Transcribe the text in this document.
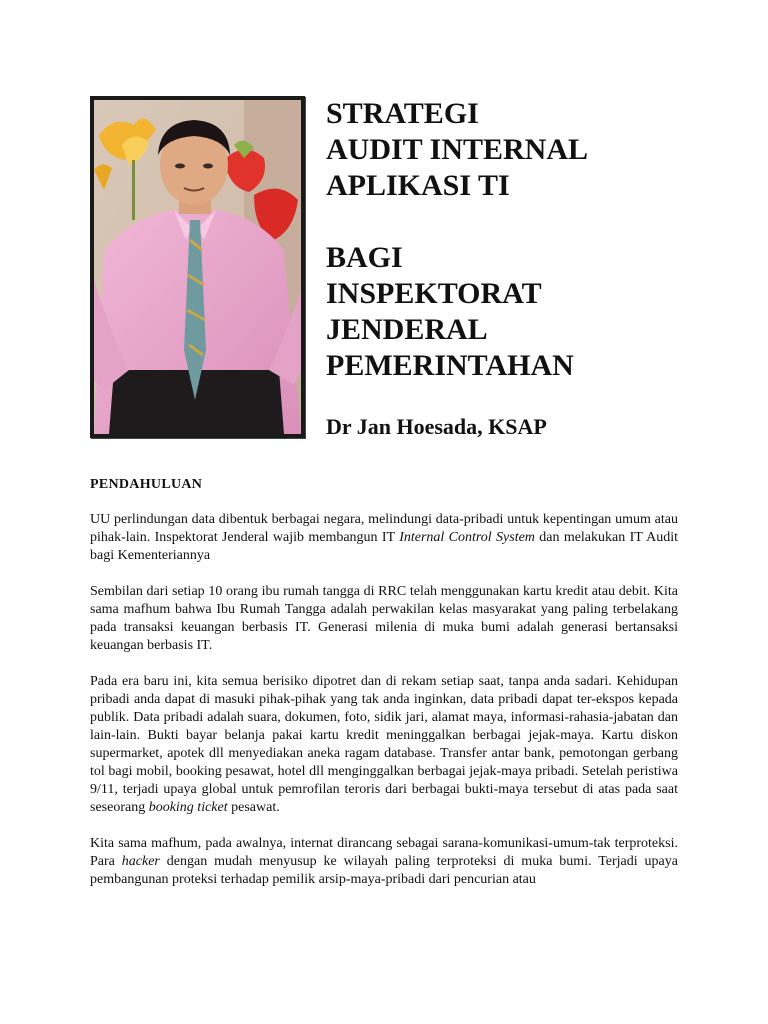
STRATEGI
AUDIT INTERNAL
APLIKASI TI
BAGI
INSPEKTORAT
JENDERAL
PEMERINTAHAN
Dr Jan Hoesada, KSAP
PENDAHULUAN

UU perlindungan data dibentuk berbagai negara, melindungi data-pribadi untuk kepentingan umum atau pihak-lain. Inspektorat Jenderal wajib membangun IT Internal Control System dan melakukan IT Audit bagi Kementeriannya

Sembilan dari setiap 10 orang ibu rumah tangga di RRC telah menggunakan kartu kredit atau debit. Kita sama mafhum bahwa Ibu Rumah Tangga adalah perwakilan kelas masyarakat yang paling terbelakang pada transaksi keuangan berbasis IT. Generasi milenia di muka bumi adalah generasi bertansaksi keuangan berbasis IT.

Pada era baru ini, kita semua berisiko dipotret dan di rekam setiap saat, tanpa anda sadari. Kehidupan pribadi anda dapat di masuki pihak-pihak yang tak anda inginkan, data pribadi dapat ter-ekspos kepada publik. Data pribadi adalah suara, dokumen, foto, sidik jari, alamat maya, informasi-rahasia-jabatan dan lain-lain. Bukti bayar belanja pakai kartu kredit meninggalkan berbagai jejak-maya. Kartu diskon supermarket, apotek dll menyediakan aneka ragam database. Transfer antar bank, pemotongan gerbang tol bagi mobil, booking pesawat, hotel dll menginggalkan berbagai jejak-maya pribadi. Setelah peristiwa 9/11, terjadi upaya global untuk pemrofilan teroris dari berbagai bukti-maya tersebut di atas pada saat seseorang booking ticket pesawat.

Kita sama mafhum, pada awalnya, internat dirancang sebagai sarana-komunikasi-umum-tak terproteksi. Para hacker dengan mudah menyusup ke wilayah paling terproteksi di muka bumi. Terjadi upaya pembangunan proteksi terhadap pemilik arsip-maya-pribadi dari pencurian atau
